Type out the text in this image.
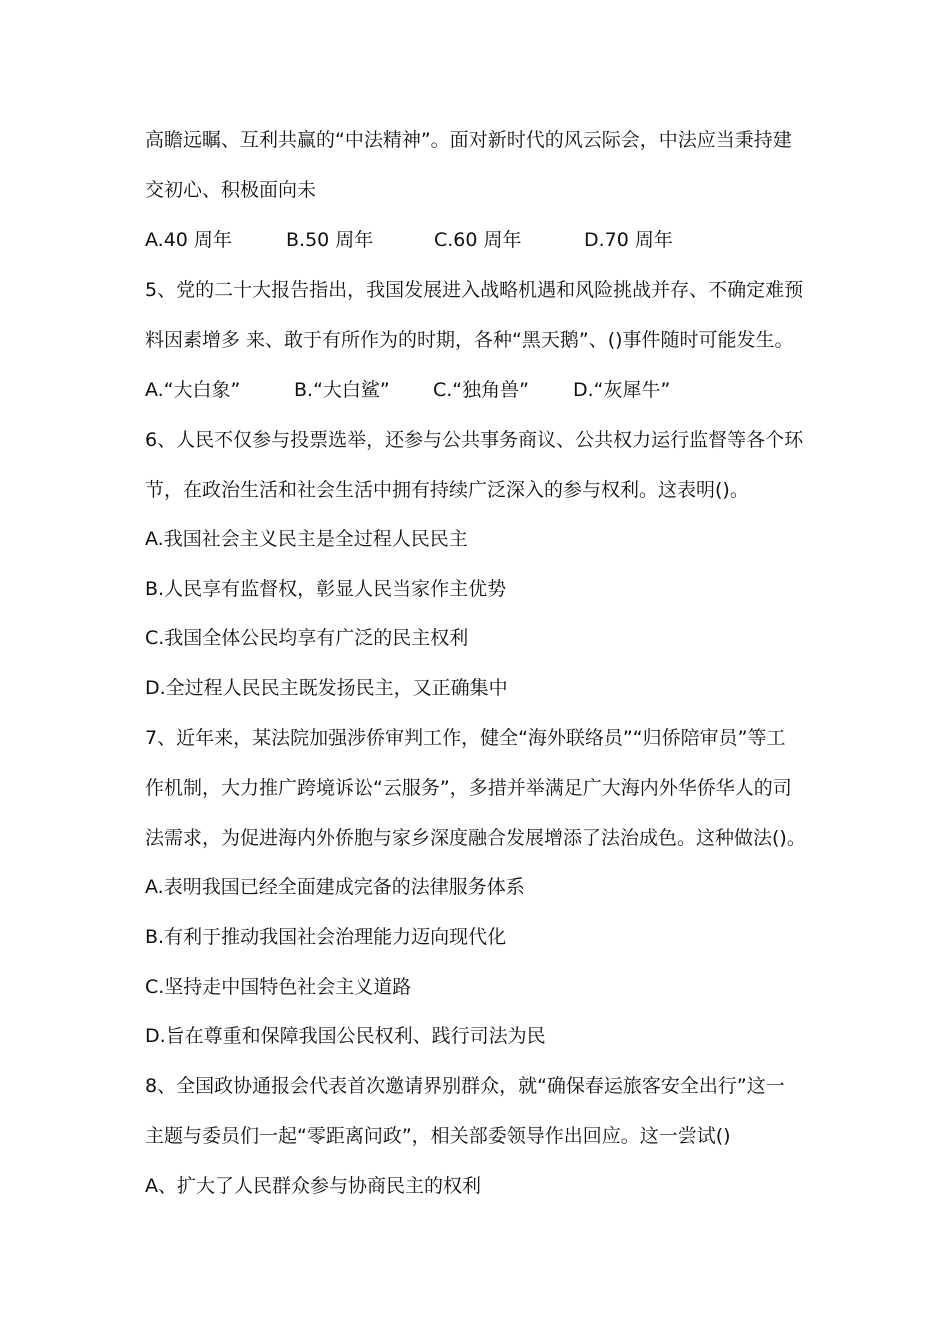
高瞻远瞩、互利共赢的“中法精神”。面对新时代的风云际会，中法应当秉持建
交初心、积极面向未
A.40 周年	B.50 周年	C.60 周年	D.70 周年
5、党的二十大报告指出，我国发展进入战略机遇和风险挑战并存、不确定难预
料因素增多 来、敢于有所作为的时期，各种“黑天鹅”、()事件随时可能发生。
A.“大白象”	B.“大白鲨” C.“独角兽” D.“灰犀牛”
6、人民不仅参与投票选举，还参与公共事务商议、公共权力运行监督等各个环
节，在政治生活和社会生活中拥有持续广泛深入的参与权利。这表明()。
A.我国社会主义民主是全过程人民民主
B.人民享有监督权，彰显人民当家作主优势
C.我国全体公民均享有广泛的民主权利
D.全过程人民民主既发扬民主，又正确集中
7、近年来，某法院加强涉侨审判工作，健全“海外联络员”“归侨陪审员”等工
作机制，大力推广跨境诉讼“云服务”，多措并举满足广大海内外华侨华人的司
法需求，为促进海内外侨胞与家乡深度融合发展增添了法治成色。这种做法()。
A.表明我国已经全面建成完备的法律服务体系
B.有利于推动我国社会治理能力迈向现代化
C.坚持走中国特色社会主义道路
D.旨在尊重和保障我国公民权利、践行司法为民
8、全国政协通报会代表首次邀请界别群众，就“确保春运旅客安全出行”这一
主题与委员们一起“零距离问政”，相关部委领导作出回应。这一尝试()
A、扩大了人民群众参与协商民主的权利
